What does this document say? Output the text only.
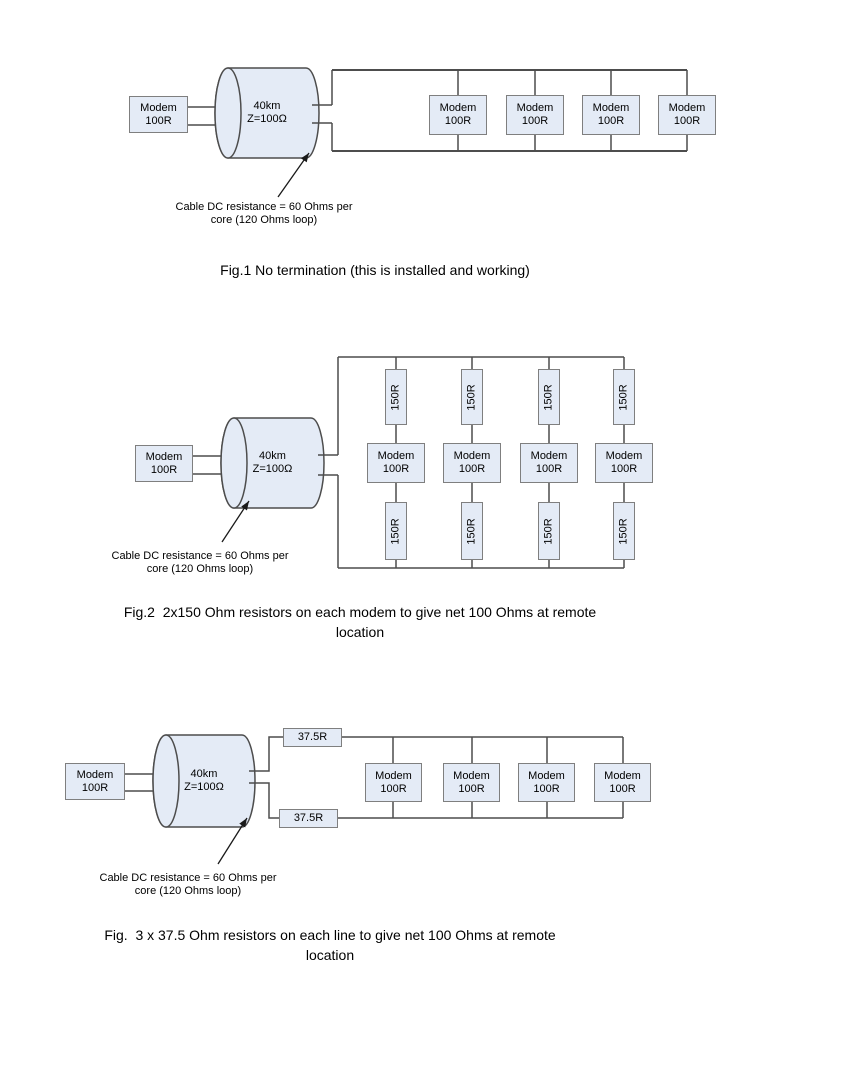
Modem
100R
40km
Z=100Ω
Modem
100R
Modem
100R
Modem
100R
Modem
100R
Cable DC resistance = 60 Ohms per
core (120 Ohms loop)
Fig.1 No termination (this is installed and working)
Modem
100R
40km
Z=100Ω
150R	150R	150R	150R
Modem
100R
Modem
100R
Modem
100R
Modem
100R
150R	150R	150R	150R
Cable DC resistance = 60 Ohms per
core (120 Ohms loop)
Fig.2  2x150 Ohm resistors on each modem to give net 100 Ohms at remote
location
Modem
100R
40km
Z=100Ω
37.5R
37.5R
Modem
100R
Modem
100R
Modem
100R
Modem
100R
Cable DC resistance = 60 Ohms per
core (120 Ohms loop)
Fig.  3 x 37.5 Ohm resistors on each line to give net 100 Ohms at remote
location
